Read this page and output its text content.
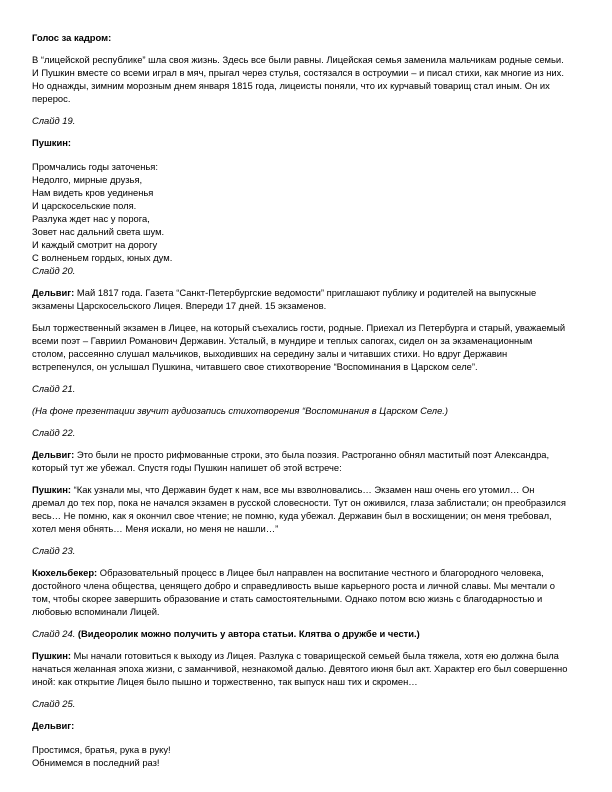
Голос за кадром:

В “лицейской республике” шла своя жизнь. Здесь все были равны. Лицейская семья заменила мальчикам родные семьи. И Пушкин вместе со всеми играл в мяч, прыгал через стулья, состязался в остроумии – и писал стихи, как многие из них. Но однажды, зимним морозным днем января 1815 года, лицеисты поняли, что их курчавый товарищ стал иным. Он их перерос.

Слайд 19.

Пушкин:

Промчались годы заточенья:
Недолго, мирные друзья,
Нам видеть кров уединенья
И царскосельские поля.
Разлука ждет нас у порога,
Зовет нас дальний света шум.
И каждый смотрит на дорогу
С волненьем гордых, юных дум.

Слайд 20.

Дельвиг: Май 1817 года. Газета “Санкт-Петербургские ведомости” приглашают публику и родителей на выпускные экзамены Царскосельского Лицея. Впереди 17 дней. 15 экзаменов.

Был торжественный экзамен в Лицее, на который съехались гости, родные. Приехал из Петербурга и старый, уважаемый всеми поэт – Гавриил Романович Державин. Усталый, в мундире и теплых сапогах, сидел он за экзаменационным столом, рассеянно слушал мальчиков, выходивших на середину залы и читавших стихи. Но вдруг Державин встрепенулся, он услышал Пушкина, читавшего свое стихотворение “Воспоминания в Царском селе”.

Слайд 21.

(На фоне презентации звучит аудиозапись стихотворения “Воспоминания в Царском Селе.)

Слайд 22.

Дельвиг: Это были не просто рифмованные строки, это была поэзия. Растроганно обнял маститый поэт Александра, который тут же убежал. Спустя годы Пушкин напишет об этой встрече:

Пушкин: “Как узнали мы, что Державин будет к нам, все мы взволновались… Экзамен наш очень его утомил… Он дремал до тех пор, пока не начался экзамен в русской словесности. Тут он оживился, глаза заблистали; он преобразился весь… Не помню, как я окончил свое чтение; не помню, куда убежал. Державин был в восхищении; он меня требовал, хотел меня обнять… Меня искали, но меня не нашли…”

Слайд 23.

Кюхельбекер: Образовательный процесс в Лицее был направлен на воспитание честного и благородного человека, достойного члена общества, ценящего добро и справедливость выше карьерного роста и личной славы. Мы мечтали о том, чтобы скорее завершить образование и стать самостоятельными. Однако потом всю жизнь с благодарностью и любовью вспоминали Лицей.

Слайд 24. (Видеоролик можно получить у автора статьи. Клятва о дружбе и чести.)

Пушкин: Мы начали готовиться к выходу из Лицея. Разлука с товарищеской семьей была тяжела, хотя ею должна была начаться желанная эпоха жизни, с заманчивой, незнакомой далью. Девятого июня был акт. Характер его был совершенно иной: как открытие Лицея было пышно и торжественно, так выпуск наш тих и скромен…

Слайд 25.

Дельвиг:

Простимся, братья, рука в руку!
Обнимемся в последний раз!
